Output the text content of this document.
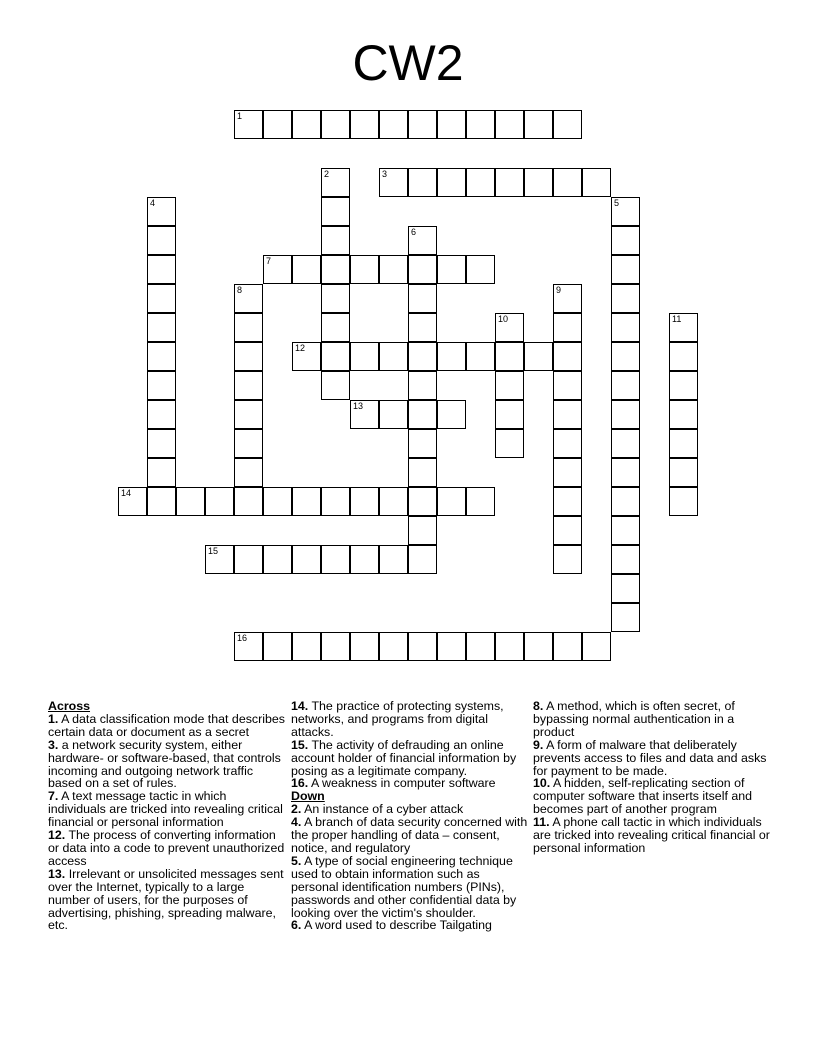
CW2
1
2	3
4	5
6
7
8	9
10	11
12
13
14
15
16

Across

1. A data classification mode that describes certain data or document as a secret

3. a network security system, either hardware- or software-based, that controls incoming and outgoing network traffic based on a set of rules.

7. A text message tactic in which individuals are tricked into revealing critical financial or personal information

12. The process of converting information or data into a code to prevent unauthorized access

13. Irrelevant or unsolicited messages sent over the Internet, typically to a large number of users, for the purposes of advertising, phishing, spreading malware, etc.

14. The practice of protecting systems, networks, and programs from digital attacks.

15. The activity of defrauding an online account holder of financial information by posing as a legitimate company.

16. A weakness in computer software

Down

2. An instance of a cyber attack

4. A branch of data security concerned with the proper handling of data – consent, notice, and regulatory

5. A type of social engineering technique used to obtain information such as personal identification numbers (PINs), passwords and other confidential data by looking over the victim's shoulder.

6. A word used to describe Tailgating

8. A method, which is often secret, of bypassing normal authentication in a product

9. A form of malware that deliberately prevents access to files and data and asks for payment to be made.

10. A hidden, self-replicating section of computer software that inserts itself and becomes part of another program

11. A phone call tactic in which individuals are tricked into revealing critical financial or personal information
